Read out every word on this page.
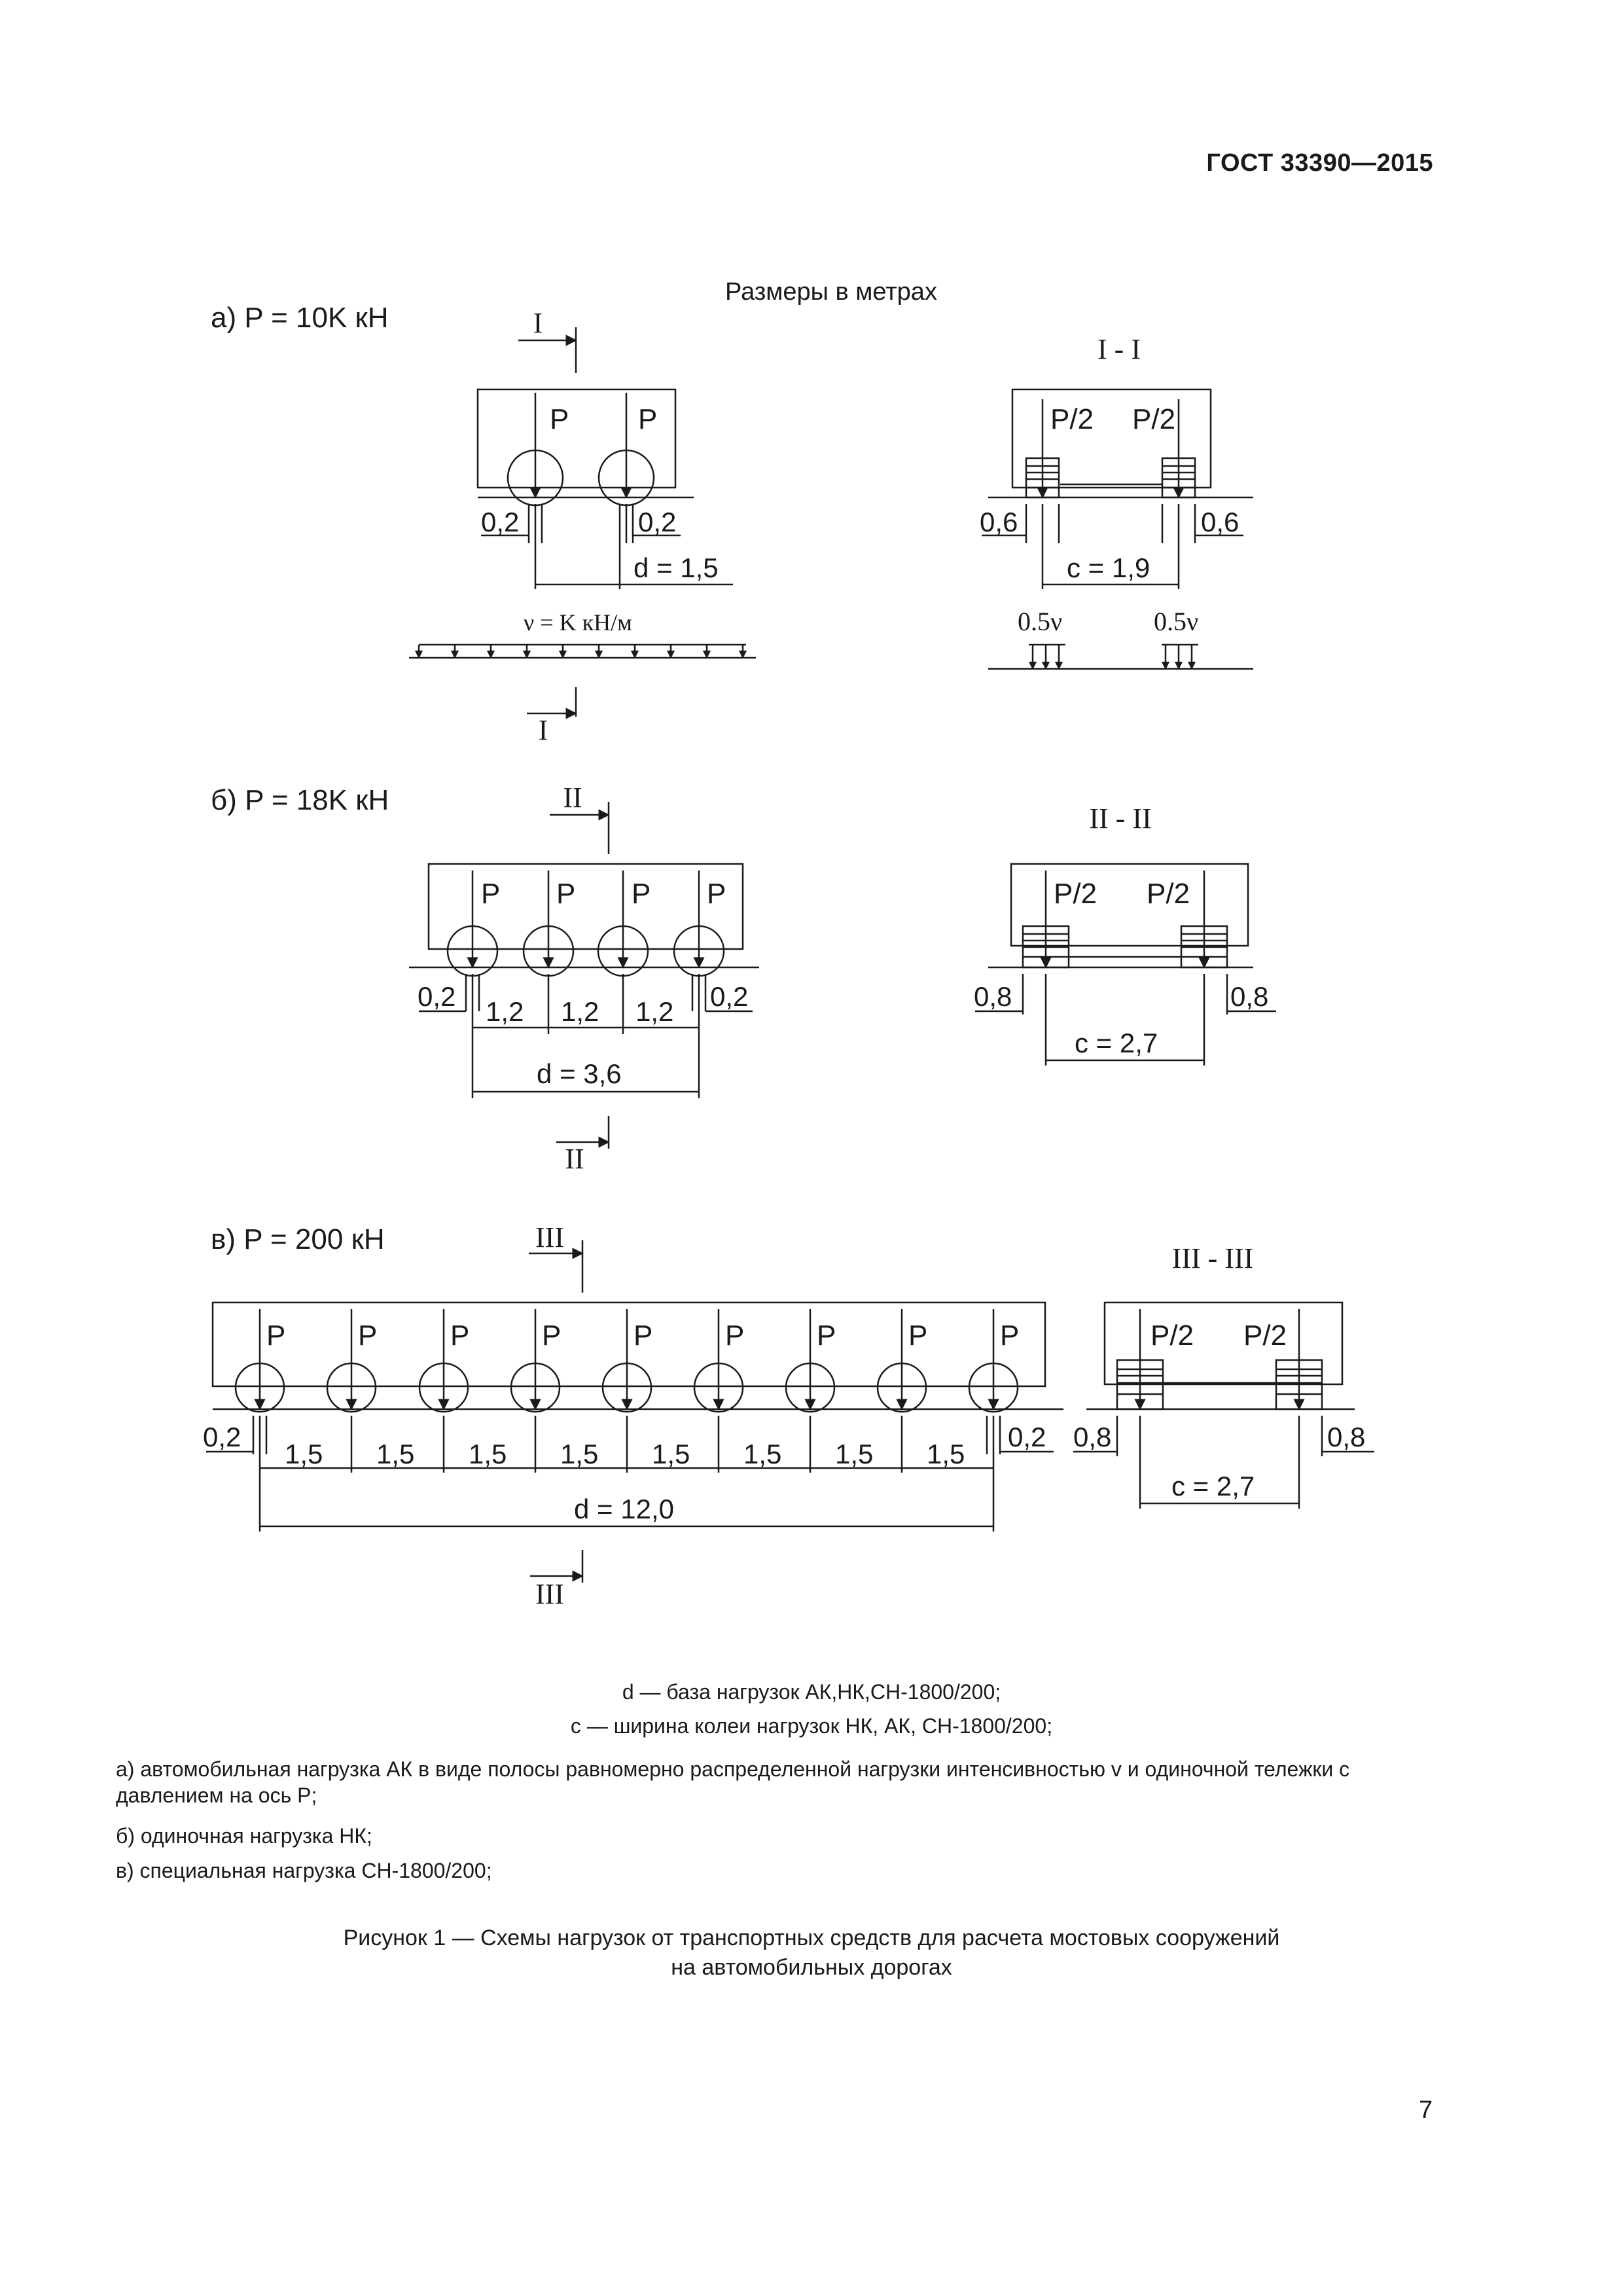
ГОСТ 33390—2015
Размеры в метрах
а) P = 10K кН	I
P P
0,2	0,2
d = 1,5
ν = K кН/м
I
I - I
P/2 P/2
0,6	0,6
c = 1,9
0.5ν	0.5ν
б) P = 18K кН	II
P P P P
0,2 1,2 1,2 1,2 0,2
d = 3,6
II
II - II
P/2 P/2
0,8	0,8
c = 2,7
в) P = 200 кН	III
P	P	P	P	P	P	P	P	P
0,2
1,5 1,5 1,5 1,5 1,5 1,5 1,5 1,5
0,2
d = 12,0
III
III - III
P/2 P/2
0,8	0,8
c = 2,7
d — база нагрузок АК,НК,СН-1800/200;
с — ширина колеи нагрузок НК, АК, СН-1800/200;
а) автомобильная нагрузка АК в виде полосы равномерно распределенной нагрузки интенсивностью v и одиночной тележки с давлением на ось P;
б) одиночная нагрузка НК;
в) специальная нагрузка СН-1800/200;
Рисунок 1 — Схемы нагрузок от транспортных средств для расчета мостовых сооружений
на автомобильных дорогах
7
